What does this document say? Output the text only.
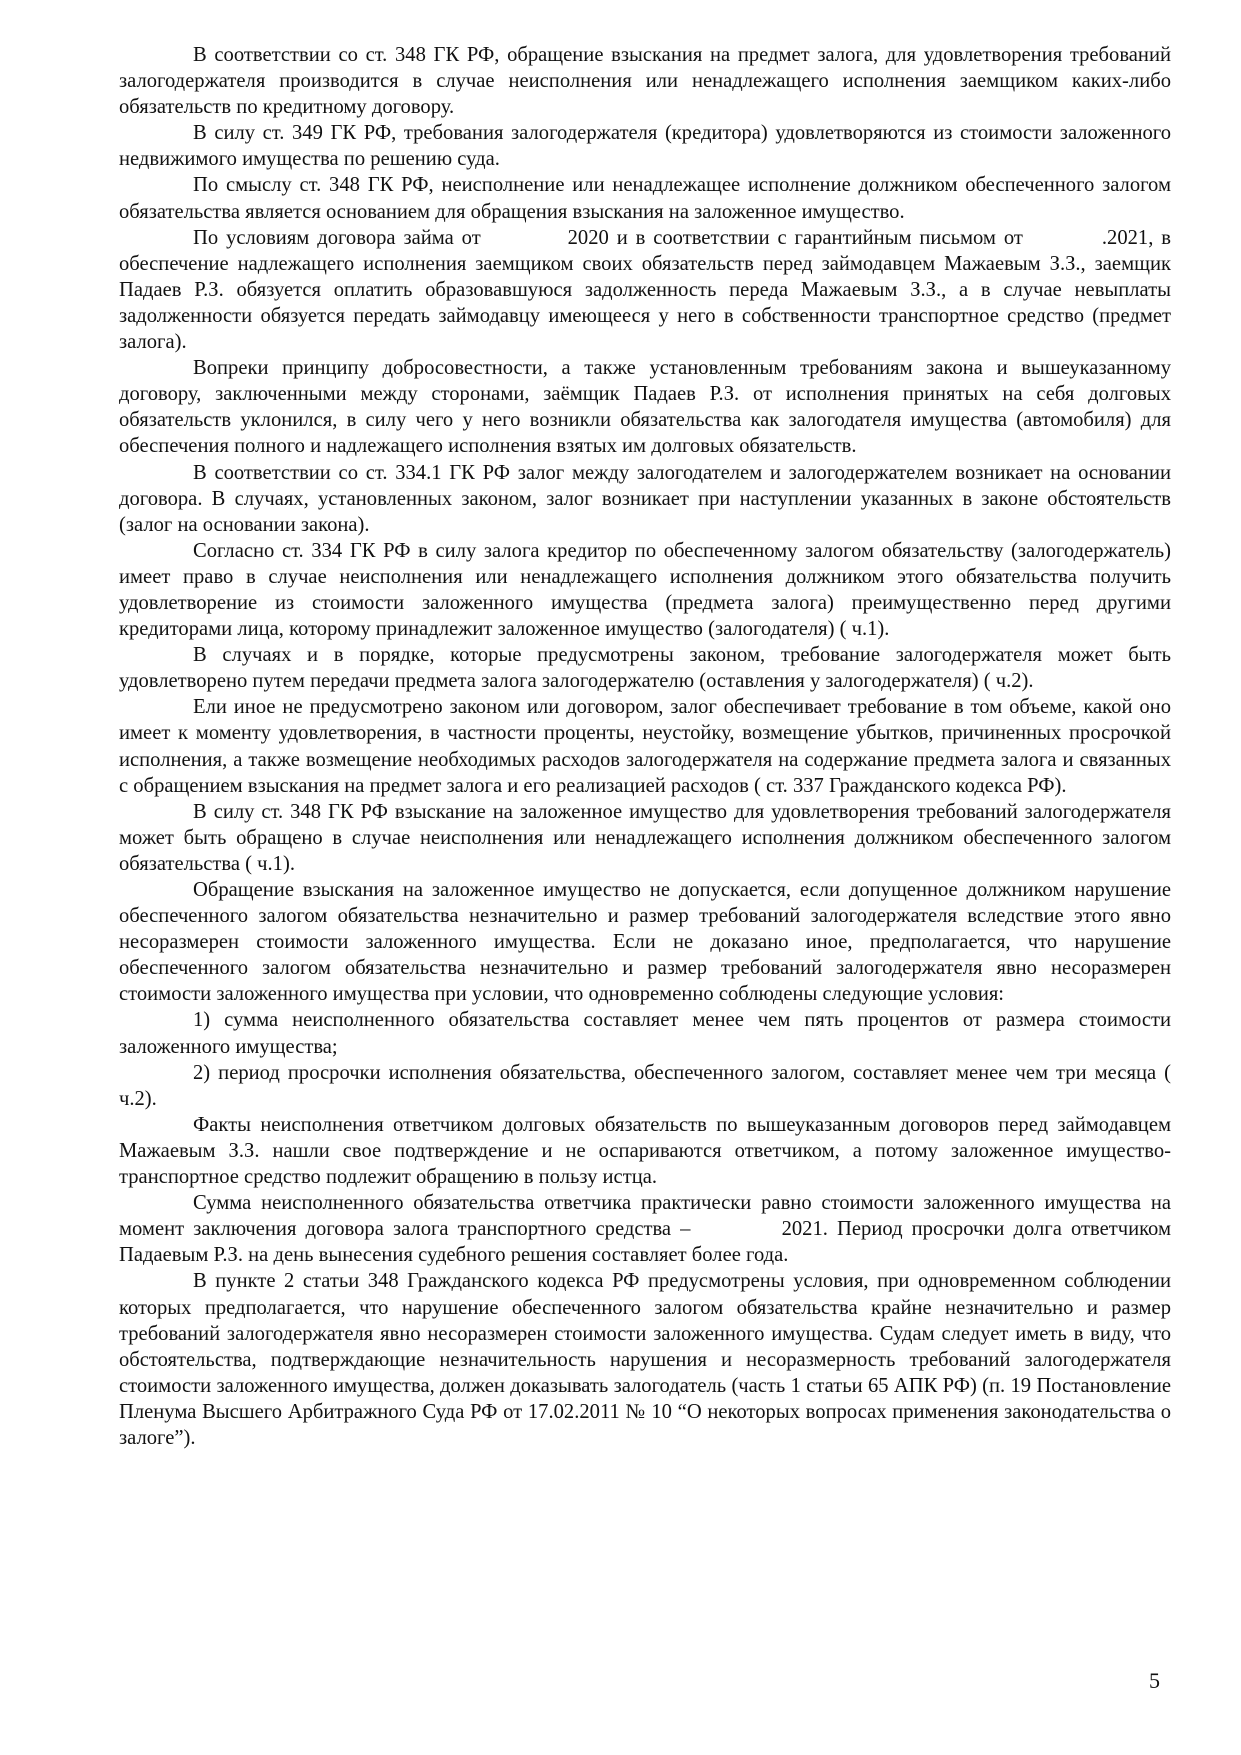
В соответствии со ст. 348 ГК РФ, обращение взыскания на предмет залога, для удовлетворения требований залогодержателя производится в случае неисполнения или ненадлежащего исполнения заемщиком каких-либо обязательств по кредитному договору.

В силу ст. 349 ГК РФ, требования залогодержателя (кредитора) удовлетворяются из стоимости заложенного недвижимого имущества по решению суда.

По смыслу ст. 348 ГК РФ, неисполнение или ненадлежащее исполнение должником обеспеченного залогом обязательства является основанием для обращения взыскания на заложенное имущество.

По условиям договора займа от           2020 и в соответствии с гарантийным письмом от          .2021, в обеспечение надлежащего исполнения заемщиком своих обязательств перед займодавцем Мажаевым З.З., заемщик Падаев Р.З. обязуется оплатить образовавшуюся задолженность переда Мажаевым З.З., а в случае невыплаты задолженности обязуется передать займодавцу имеющееся у него в собственности транспортное средство (предмет залога).

Вопреки принципу добросовестности, а также установленным требованиям закона и вышеуказанному договору, заключенными между сторонами, заёмщик Падаев Р.З. от исполнения принятых на себя долговых обязательств уклонился, в силу чего у него возникли обязательства как залогодателя имущества (автомобиля) для обеспечения полного и надлежащего исполнения взятых им долговых обязательств.

В соответствии со ст. 334.1 ГК РФ залог между залогодателем и залогодержателем возникает на основании договора. В случаях, установленных законом, залог возникает при наступлении указанных в законе обстоятельств (залог на основании закона).

Согласно ст. 334 ГК РФ в силу залога кредитор по обеспеченному залогом обязательству (залогодержатель) имеет право в случае неисполнения или ненадлежащего исполнения должником этого обязательства получить удовлетворение из стоимости заложенного имущества (предмета залога) преимущественно перед другими кредиторами лица, которому принадлежит заложенное имущество (залогодателя) ( ч.1).

В случаях и в порядке, которые предусмотрены законом, требование залогодержателя может быть удовлетворено путем передачи предмета залога залогодержателю (оставления у залогодержателя) ( ч.2).

Ели иное не предусмотрено законом или договором, залог обеспечивает требование в том объеме, какой оно имеет к моменту удовлетворения, в частности проценты, неустойку, возмещение убытков, причиненных просрочкой исполнения, а также возмещение необходимых расходов залогодержателя на содержание предмета залога и связанных с обращением взыскания на предмет залога и его реализацией расходов ( ст. 337 Гражданского кодекса РФ).

В силу ст. 348 ГК РФ взыскание на заложенное имущество для удовлетворения требований залогодержателя может быть обращено в случае неисполнения или ненадлежащего исполнения должником обеспеченного залогом обязательства ( ч.1).

Обращение взыскания на заложенное имущество не допускается, если допущенное должником нарушение обеспеченного залогом обязательства незначительно и размер требований залогодержателя вследствие этого явно несоразмерен стоимости заложенного имущества. Если не доказано иное, предполагается, что нарушение обеспеченного залогом обязательства незначительно и размер требований залогодержателя явно несоразмерен стоимости заложенного имущества при условии, что одновременно соблюдены следующие условия:

1) сумма неисполненного обязательства составляет менее чем пять процентов от размера стоимости заложенного имущества;

2) период просрочки исполнения обязательства, обеспеченного залогом, составляет менее чем три месяца ( ч.2).

Факты неисполнения ответчиком долговых обязательств по вышеуказанным договоров перед займодавцем Мажаевым З.З. нашли свое подтверждение и не оспариваются ответчиком, а потому заложенное имущество- транспортное средство подлежит обращению в пользу истца.

Сумма неисполненного обязательства ответчика практически равно стоимости заложенного имущества на момент заключения договора залога транспортного средства –          2021. Период просрочки долга ответчиком Падаевым Р.З. на день вынесения судебного решения составляет более года.

В пункте 2 статьи 348 Гражданского кодекса РФ предусмотрены условия, при одновременном соблюдении которых предполагается, что нарушение обеспеченного залогом обязательства крайне незначительно и размер требований залогодержателя явно несоразмерен стоимости заложенного имущества. Судам следует иметь в виду, что обстоятельства, подтверждающие незначительность нарушения и несоразмерность требований залогодержателя стоимости заложенного имущества, должен доказывать залогодатель (часть 1 статьи 65 АПК РФ) (п. 19 Постановление Пленума Высшего Арбитражного Суда РФ от 17.02.2011 № 10 “О некоторых вопросах применения законодательства о залоге”).

5
